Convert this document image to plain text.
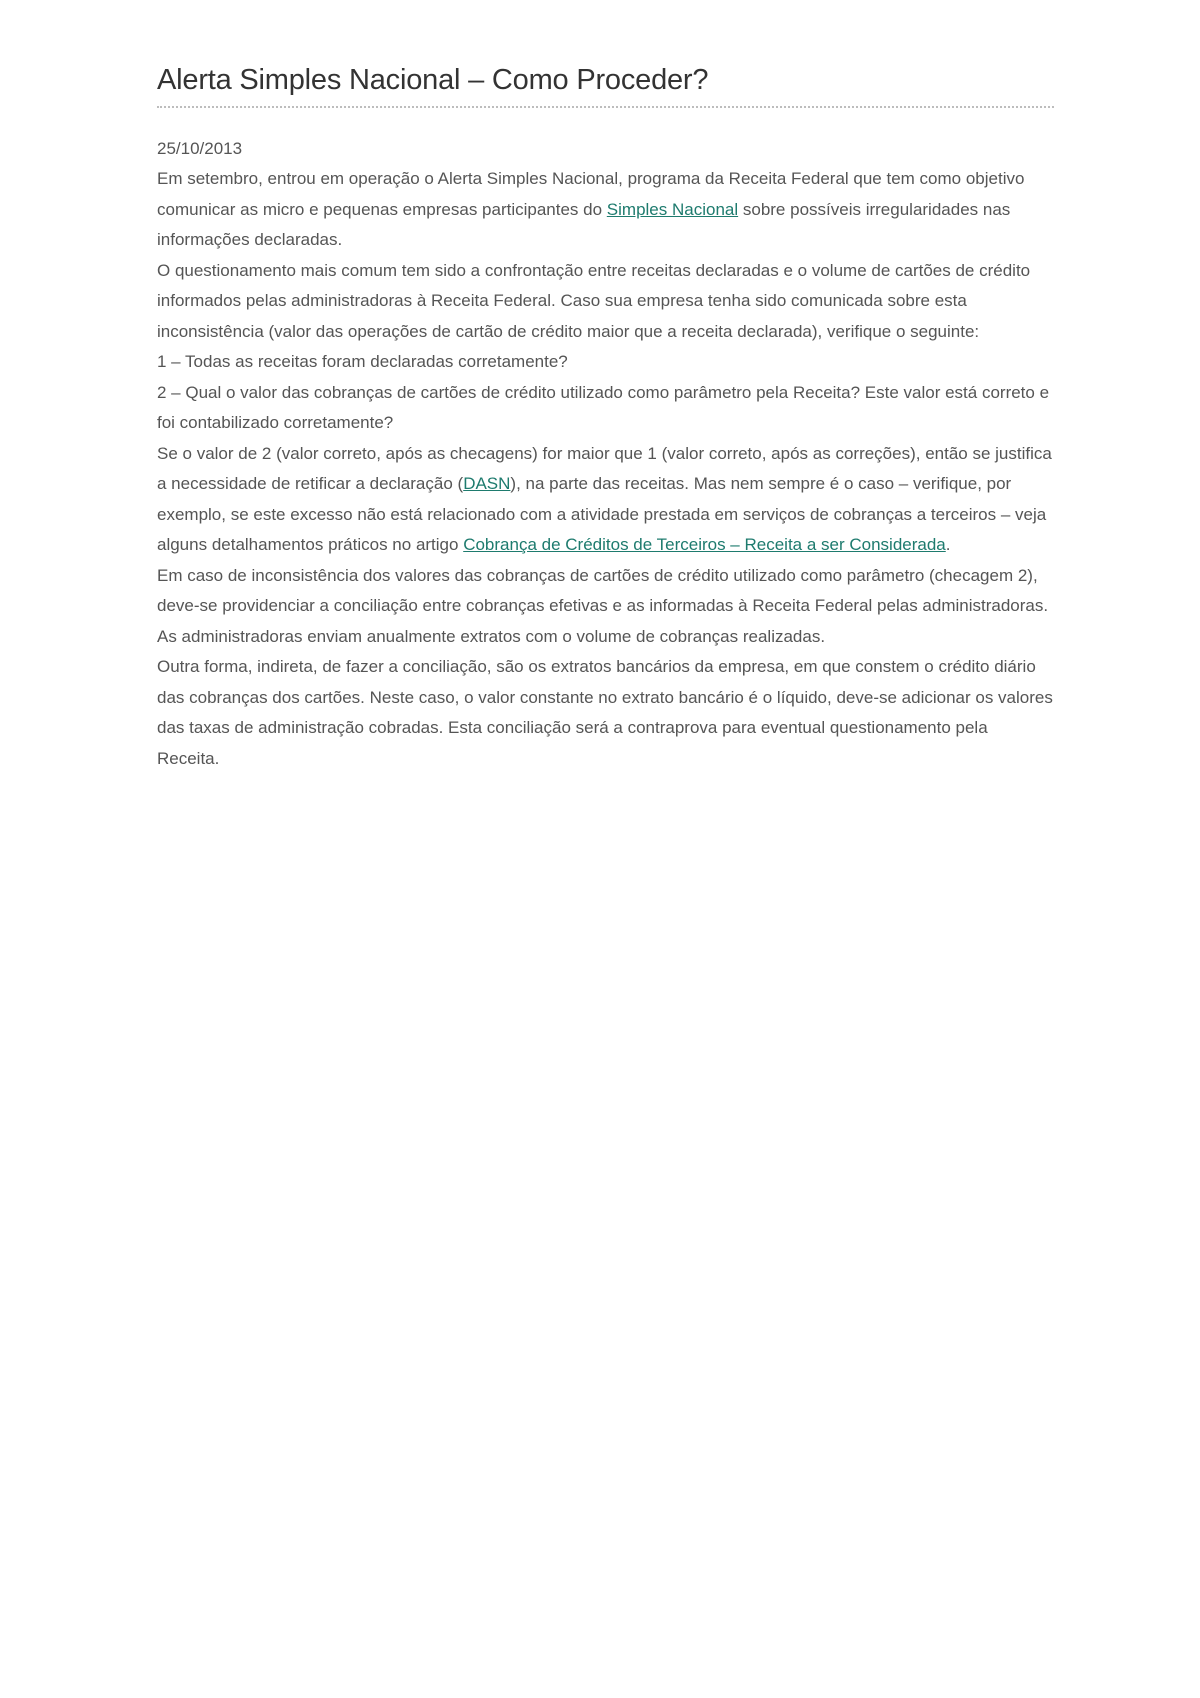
Alerta Simples Nacional – Como Proceder?

25/10/2013

Em setembro, entrou em operação o Alerta Simples Nacional, programa da Receita Federal que tem como objetivo comunicar as micro e pequenas empresas participantes do Simples Nacional sobre possíveis irregularidades nas informações declaradas.

O questionamento mais comum tem sido a confrontação entre receitas declaradas e o volume de cartões de crédito informados pelas administradoras à Receita Federal. Caso sua empresa tenha sido comunicada sobre esta inconsistência (valor das operações de cartão de crédito maior que a receita declarada), verifique o seguinte:

1 – Todas as receitas foram declaradas corretamente?

2 – Qual o valor das cobranças de cartões de crédito utilizado como parâmetro pela Receita? Este valor está correto e foi contabilizado corretamente?

Se o valor de 2 (valor correto, após as checagens) for maior que 1 (valor correto, após as correções), então se justifica a necessidade de retificar a declaração (DASN), na parte das receitas. Mas nem sempre é o caso – verifique, por exemplo, se este excesso não está relacionado com a atividade prestada em serviços de cobranças a terceiros – veja alguns detalhamentos práticos no artigo Cobrança de Créditos de Terceiros – Receita a ser Considerada.

Em caso de inconsistência dos valores das cobranças de cartões de crédito utilizado como parâmetro (checagem 2), deve-se providenciar a conciliação entre cobranças efetivas e as informadas à Receita Federal pelas administradoras. As administradoras enviam anualmente extratos com o volume de cobranças realizadas.

Outra forma, indireta, de fazer a conciliação, são os extratos bancários da empresa, em que constem o crédito diário das cobranças dos cartões. Neste caso, o valor constante no extrato bancário é o líquido, deve-se adicionar os valores das taxas de administração cobradas. Esta conciliação será a contraprova para eventual questionamento pela Receita.
